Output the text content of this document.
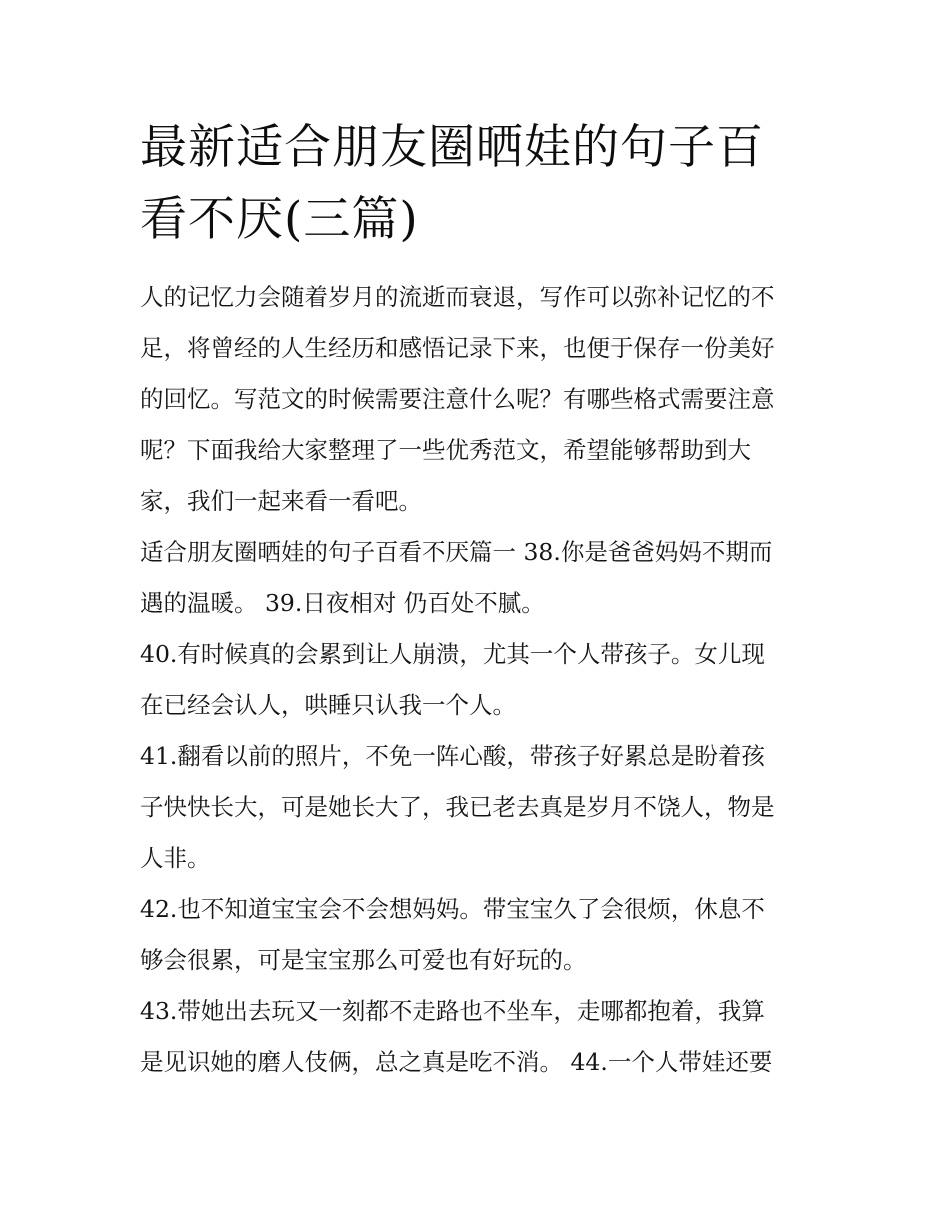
最新适合朋友圈晒娃的句子百
看不厌(三篇)
人的记忆力会随着岁月的流逝而衰退，写作可以弥补记忆的不
足，将曾经的人生经历和感悟记录下来，也便于保存一份美好
的回忆。写范文的时候需要注意什么呢？有哪些格式需要注意
呢？下面我给大家整理了一些优秀范文，希望能够帮助到大
家，我们一起来看一看吧。
适合朋友圈晒娃的句子百看不厌篇一 38.你是爸爸妈妈不期而
遇的温暖。 39.日夜相对 仍百处不腻。
40.有时候真的会累到让人崩溃，尤其一个人带孩子。女儿现
在已经会认人，哄睡只认我一个人。
41.翻看以前的照片，不免一阵心酸，带孩子好累总是盼着孩
子快快长大，可是她长大了，我已老去真是岁月不饶人，物是
人非。
42.也不知道宝宝会不会想妈妈。带宝宝久了会很烦，休息不
够会很累，可是宝宝那么可爱也有好玩的。
43.带她出去玩又一刻都不走路也不坐车，走哪都抱着，我算
是见识她的磨人伎俩，总之真是吃不消。 44.一个人带娃还要
